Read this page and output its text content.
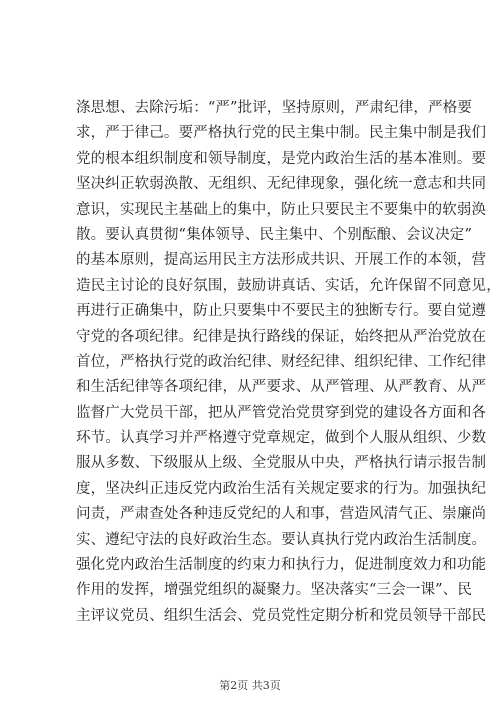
涤思想、去除污垢：“严”批评，坚持原则，严肃纪律，严格要
求，严于律己。要严格执行党的民主集中制。民主集中制是我们
党的根本组织制度和领导制度，是党内政治生活的基本准则。要
坚决纠正软弱涣散、无组织、无纪律现象，强化统一意志和共同
意识，实现民主基础上的集中，防止只要民主不要集中的软弱涣
散。要认真贯彻“集体领导、民主集中、个别酝酿、会议决定”
的基本原则，提高运用民主方法形成共识、开展工作的本领，营
造民主讨论的良好氛围，鼓励讲真话、实话，允许保留不同意见，
再进行正确集中，防止只要集中不要民主的独断专行。要自觉遵
守党的各项纪律。纪律是执行路线的保证，始终把从严治党放在
首位，严格执行党的政治纪律、财经纪律、组织纪律、工作纪律
和生活纪律等各项纪律，从严要求、从严管理、从严教育、从严
监督广大党员干部，把从严管党治党贯穿到党的建设各方面和各
环节。认真学习并严格遵守党章规定，做到个人服从组织、少数
服从多数、下级服从上级、全党服从中央，严格执行请示报告制
度，坚决纠正违反党内政治生活有关规定要求的行为。加强执纪
问责，严肃查处各种违反党纪的人和事，营造风清气正、崇廉尚
实、遵纪守法的良好政治生态。要认真执行党内政治生活制度。
强化党内政治生活制度的约束力和执行力，促进制度效力和功能
作用的发挥，增强党组织的凝聚力。坚决落实“三会一课”、民
主评议党员、组织生活会、党员党性定期分析和党员领导干部民
第2页 共3页
